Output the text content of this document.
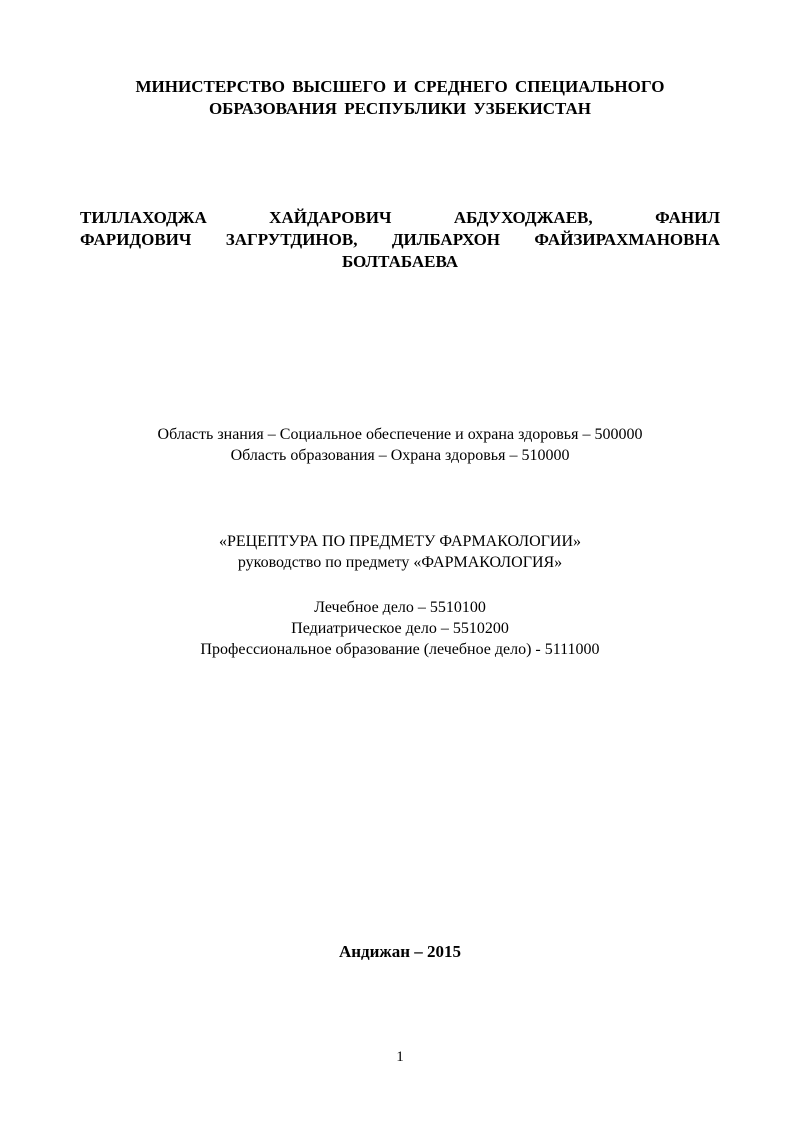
МИНИСТЕРСТВО ВЫСШЕГО И СРЕДНЕГО СПЕЦИАЛЬНОГО
ОБРАЗОВАНИЯ РЕСПУБЛИКИ УЗБЕКИСТАН
ТИЛЛАХОДЖА ХАЙДАРОВИЧ АБДУХОДЖАЕВ, ФАНИЛ
ФАРИДОВИЧ ЗАГРУТДИНОВ, ДИЛБАРХОН ФАЙЗИРАХМАНОВНА
БОЛТАБАЕВА
Область знания – Социальное обеспечение и охрана здоровья – 500000
Область образования – Охрана здоровья – 510000
«РЕЦЕПТУРА ПО ПРЕДМЕТУ ФАРМАКОЛОГИИ»
руководство по предмету «ФАРМАКОЛОГИЯ»
Лечебное дело – 5510100
Педиатрическое дело – 5510200
Профессиональное образование (лечебное дело) - 5111000
Андижан – 2015
1
